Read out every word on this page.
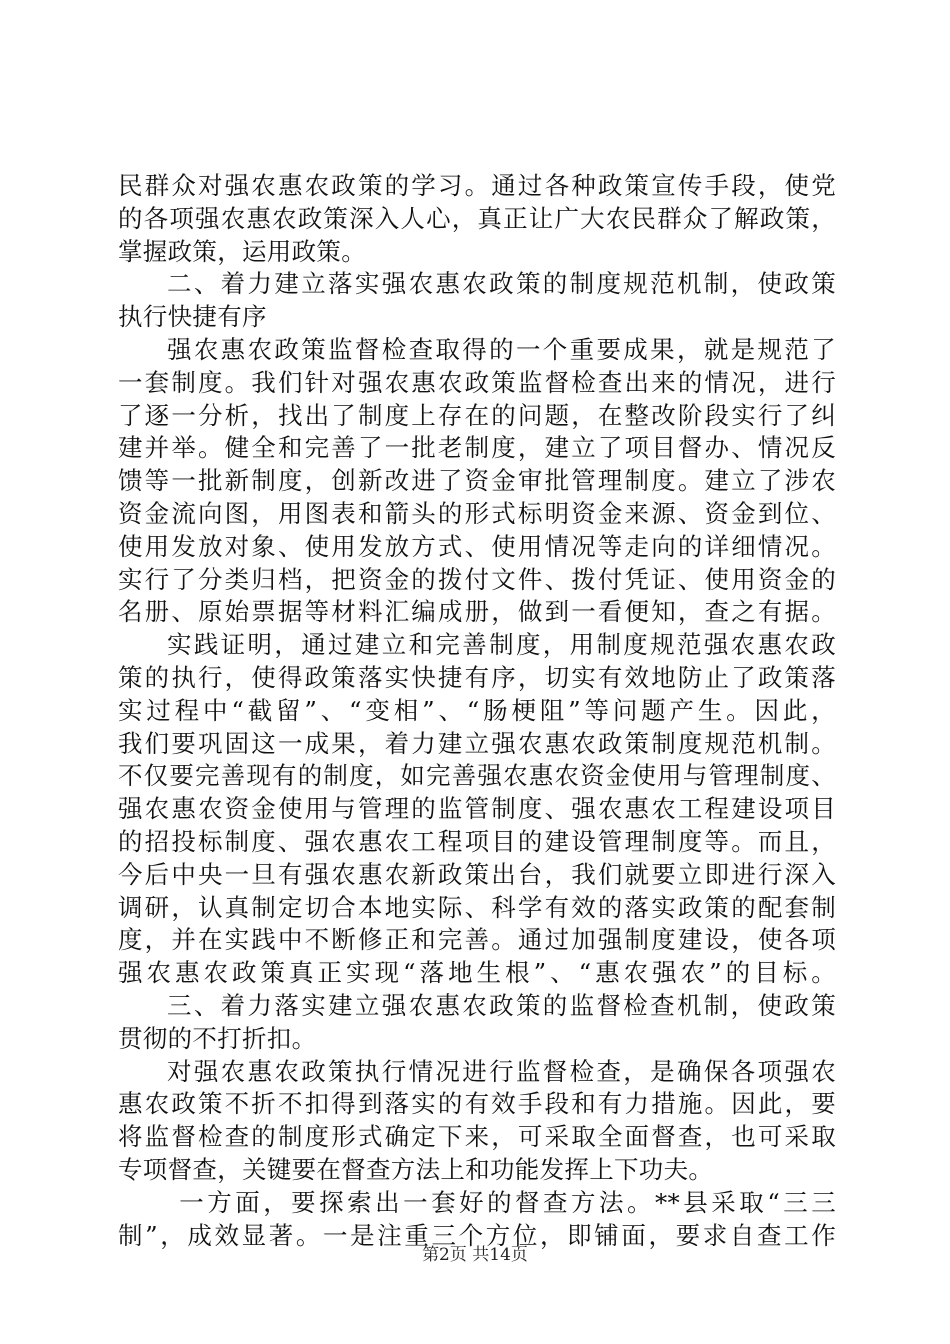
民群众对强农惠农政策的学习。通过各种政策宣传手段，使党
的各项强农惠农政策深入人心，真正让广大农民群众了解政策，
掌握政策，运用政策。
二、着力建立落实强农惠农政策的制度规范机制，使政策
执行快捷有序
强农惠农政策监督检查取得的一个重要成果，就是规范了
一套制度。我们针对强农惠农政策监督检查出来的情况，进行
了逐一分析，找出了制度上存在的问题，在整改阶段实行了纠
建并举。健全和完善了一批老制度，建立了项目督办、情况反
馈等一批新制度，创新改进了资金审批管理制度。建立了涉农
资金流向图，用图表和箭头的形式标明资金来源、资金到位、
使用发放对象、使用发放方式、使用情况等走向的详细情况。
实行了分类归档，把资金的拨付文件、拨付凭证、使用资金的
名册、原始票据等材料汇编成册，做到一看便知，查之有据。
实践证明，通过建立和完善制度，用制度规范强农惠农政
策的执行，使得政策落实快捷有序，切实有效地防止了政策落
实过程中“截留”、“变相”、“肠梗阻”等问题产生。因此，
我们要巩固这一成果，着力建立强农惠农政策制度规范机制。
不仅要完善现有的制度，如完善强农惠农资金使用与管理制度、
强农惠农资金使用与管理的监管制度、强农惠农工程建设项目
的招投标制度、强农惠农工程项目的建设管理制度等。而且，
今后中央一旦有强农惠农新政策出台，我们就要立即进行深入
调研，认真制定切合本地实际、科学有效的落实政策的配套制
度，并在实践中不断修正和完善。通过加强制度建设，使各项
强农惠农政策真正实现“落地生根”、“惠农强农”的目标。
三、着力落实建立强农惠农政策的监督检查机制，使政策
贯彻的不打折扣。
对强农惠农政策执行情况进行监督检查，是确保各项强农
惠农政策不折不扣得到落实的有效手段和有力措施。因此，要
将监督检查的制度形式确定下来，可采取全面督查，也可采取
专项督查，关键要在督查方法上和功能发挥上下功夫。
一方面，要探索出一套好的督查方法。**县采取“三三
制”，成效显著。一是注重三个方位，即铺面，要求自查工作
第2页 共14页
